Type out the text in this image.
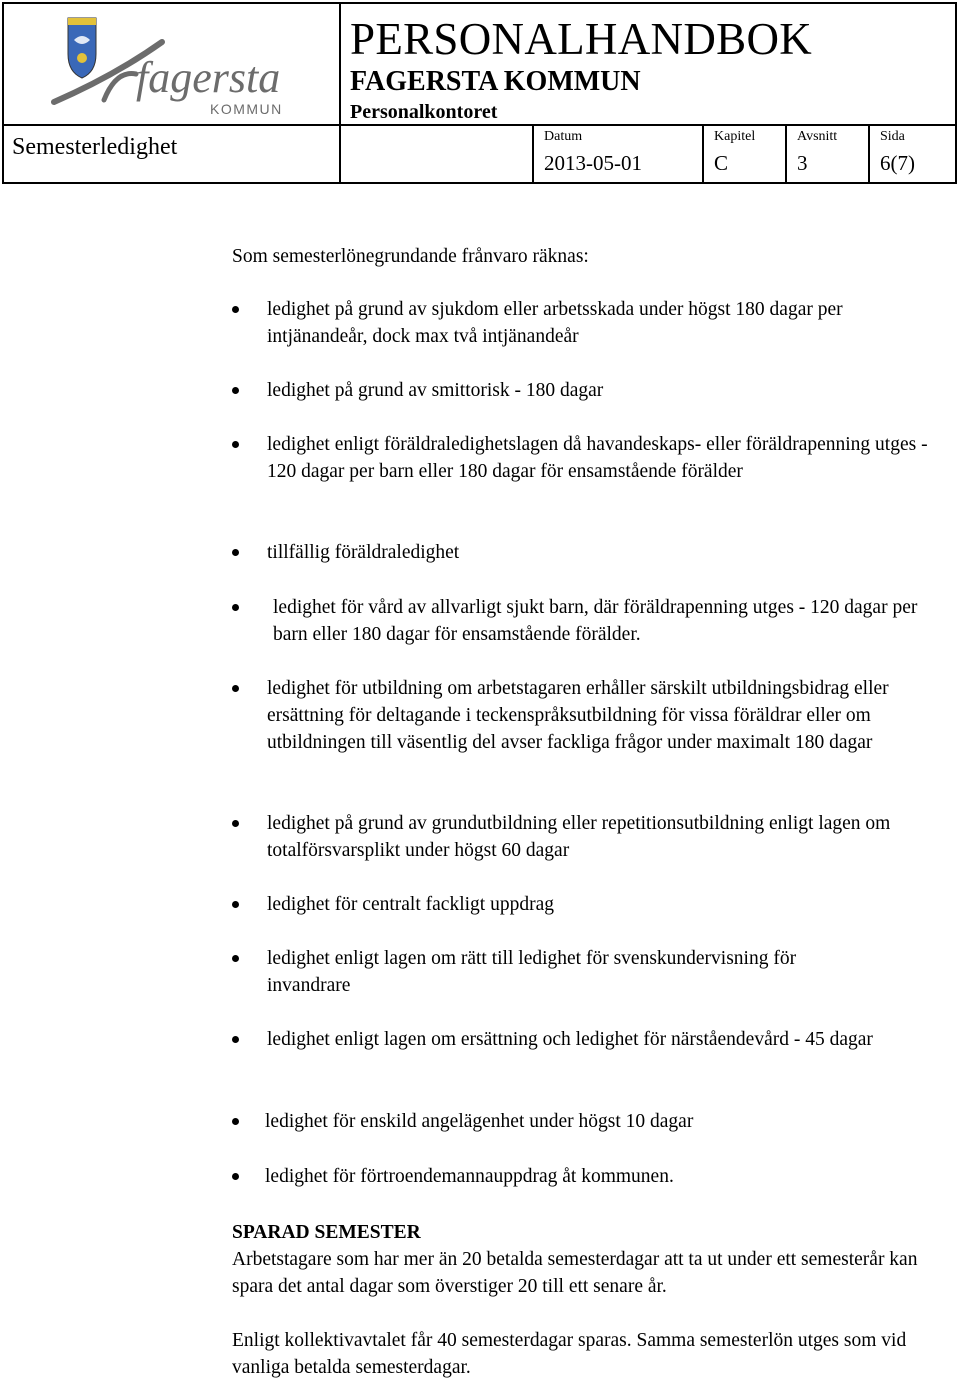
fagersta
KOMMUN
PERSONALHANDBOK
FAGERSTA KOMMUN
Personalkontoret
Semesterledighet	Datum
2013-05-01
Kapitel
C
Avsnitt
3
Sida
6(7)
Som semesterlönegrundande frånvaro räknas:
ledighet på grund av sjukdom eller arbetsskada under högst 180 dagar per intjänandeår, dock max två intjänandeår
ledighet på grund av smittorisk - 180 dagar
ledighet enligt föräldraledighetslagen då havandeskaps- eller föräldrapenning utges - 120 dagar per barn eller 180 dagar för ensamstående förälder
tillfällig föräldraledighet
ledighet för vård av allvarligt sjukt barn, där föräldrapenning utges - 120 dagar per barn eller 180 dagar för ensamstående förälder.
ledighet för utbildning om arbetstagaren erhåller särskilt utbildningsbidrag eller ersättning för deltagande i teckenspråksutbildning för vissa föräldrar eller om utbildningen till väsentlig del avser fackliga frågor under maximalt 180 dagar
ledighet på grund av grundutbildning eller repetitionsutbildning enligt lagen om totalförsvarsplikt under högst 60 dagar
ledighet för centralt fackligt uppdrag
ledighet enligt lagen om rätt till ledighet för svenskundervisning för invandrare
ledighet enligt lagen om ersättning och ledighet för närståendevård - 45 dagar
ledighet för enskild angelägenhet under högst 10 dagar
ledighet för förtroendemannauppdrag åt kommunen.
SPARAD SEMESTER
Arbetstagare som har mer än 20 betalda semesterdagar att ta ut under ett semesterår kan spara det antal dagar som överstiger 20 till ett senare år.
Enligt kollektivavtalet får 40 semesterdagar sparas. Samma semesterlön utges som vid vanliga betalda semesterdagar.
